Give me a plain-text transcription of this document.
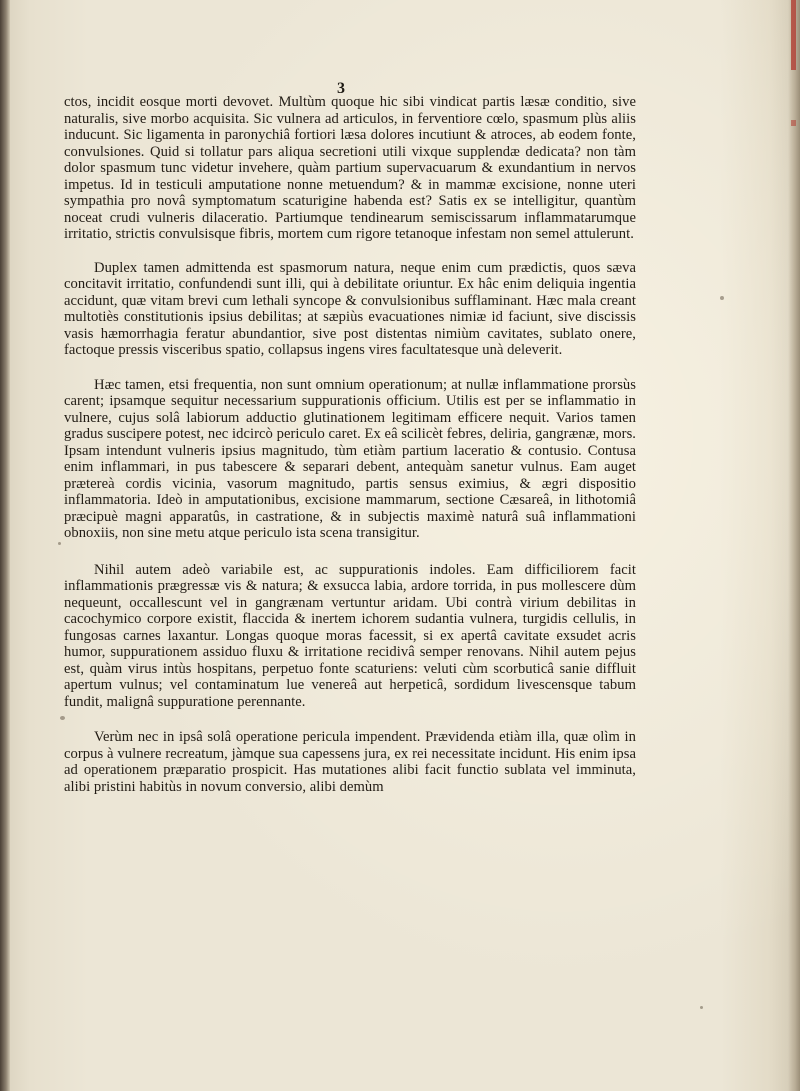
3

ctos, incidit eosque morti devovet. Multùm quoque hic sibi vindicat partis læsæ conditio, sive naturalis, sive morbo acquisita. Sic vulnera ad articulos, in ferventiore cœlo, spasmum plùs aliis inducunt. Sic ligamenta in paronychiâ fortiori læsa dolores incutiunt & atroces, ab eodem fonte, convulsiones. Quid si tollatur pars aliqua secretioni utili vixque supplendæ dedicata? non tàm dolor spasmum tunc videtur invehere, quàm partium supervacuarum & exundantium in nervos impetus. Id in testiculi amputatione nonne metuendum? & in mammæ excisione, nonne uteri sympathia pro novâ symptomatum scaturigine habenda est? Satis ex se intelligitur, quantùm noceat crudi vulneris dilaceratio. Partiumque tendinearum semiscissarum inflammatarumque irritatio, strictis convulsisque fibris, mortem cum rigore tetanoque infestam non semel attulerunt.

Duplex tamen admittenda est spasmorum natura, neque enim cum prædictis, quos sæva concitavit irritatio, confundendi sunt illi, qui à debilitate oriuntur. Ex hâc enim deliquia ingentia accidunt, quæ vitam brevi cum lethali syncope & convulsionibus sufflaminant. Hæc mala creant multotiès constitutionis ipsius debilitas; at sæpiùs evacuationes nimiæ id faciunt, sive discissis vasis hæmorrhagia feratur abundantior, sive post distentas nimiùm cavitates, sublato onere, factoque pressis visceribus spatio, collapsus ingens vires facultatesque unà deleverit.

Hæc tamen, etsi frequentia, non sunt omnium operationum; at nullæ inflammatione prorsùs carent; ipsamque sequitur necessarium suppurationis officium. Utilis est per se inflammatio in vulnere, cujus solâ labiorum adductio glutinationem legitimam efficere nequit. Varios tamen gradus suscipere potest, nec idcircò periculo caret. Ex eâ scilicèt febres, deliria, gangrænæ, mors. Ipsam intendunt vulneris ipsius magnitudo, tùm etiàm partium laceratio & contusio. Contusa enim inflammari, in pus tabescere & separari debent, antequàm sanetur vulnus. Eam auget prætereà cordis vicinia, vasorum magnitudo, partis sensus eximius, & ægri dispositio inflammatoria. Ideò in amputationibus, excisione mammarum, sectione Cæsareâ, in lithotomiâ præcipuè magni apparatûs, in castratione, & in subjectis maximè naturâ suâ inflammationi obnoxiis, non sine metu atque periculo ista scena transigitur.

Nihil autem adeò variabile est, ac suppurationis indoles. Eam difficiliorem facit inflammationis prægressæ vis & natura; & exsucca labia, ardore torrida, in pus mollescere dùm nequeunt, occallescunt vel in gangrænam vertuntur aridam. Ubi contrà virium debilitas in cacochymico corpore existit, flaccida & inertem ichorem sudantia vulnera, turgidis cellulis, in fungosas carnes laxantur. Longas quoque moras facessit, si ex apertâ cavitate exsudet acris humor, suppurationem assiduo fluxu & irritatione recidivâ semper renovans. Nihil autem pejus est, quàm virus intùs hospitans, perpetuo fonte scaturiens: veluti cùm scorbuticâ sanie diffluit apertum vulnus; vel contaminatum lue venereâ aut herpeticâ, sordidum livescensque tabum fundit, malignâ suppuratione perennante.

Verùm nec in ipsâ solâ operatione pericula impendent. Prævidenda etiàm illa, quæ olìm in corpus à vulnere recreatum, jàmque sua capessens jura, ex rei necessitate incidunt. His enim ipsa ad operationem præparatio prospicit. Has mutationes alibi facit functio sublata vel imminuta, alibi pristini habitùs in novum conversio, alibi demùm
